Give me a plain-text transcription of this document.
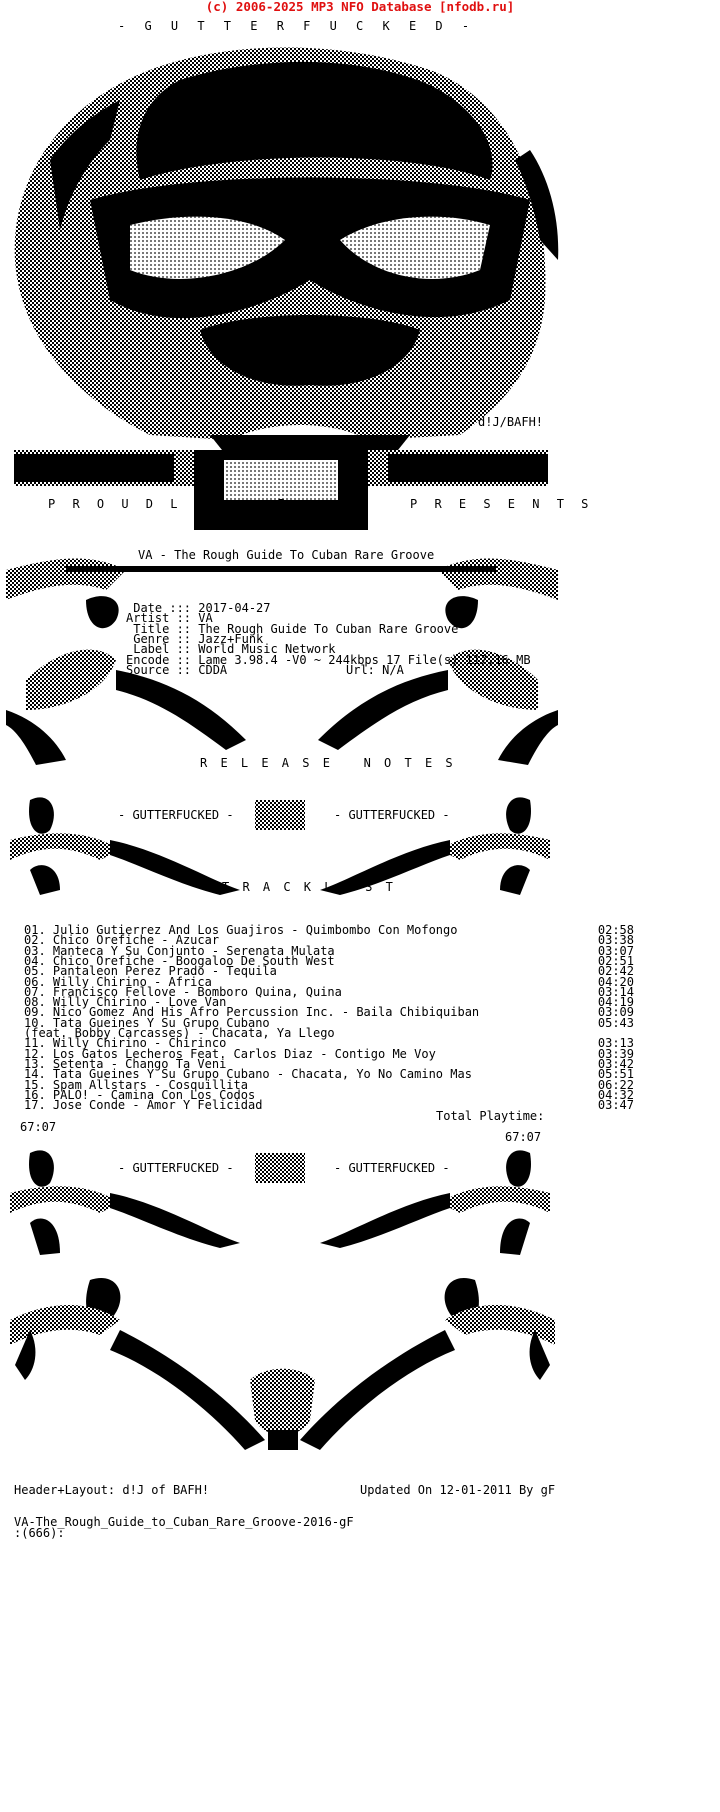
(c) 2006-2025 MP3 NFO Database [nfodb.ru]
- G U T T E R F U C K E D -
d!J/BAFH!
P R O U D L Y	gF	P R E S E N T S
VA - The Rough Guide To Cuban Rare Groove
Date ::: 2017-04-27
Artist :: VA
Title :: The Rough Guide To Cuban Rare Groove
Genre :: Jazz+Funk
Label :: World Music Network
Encode :: Lame 3.98.4 -V0 ~ 244kbps 17 File(s) 117,16 MB
Source :: CDDA	Url: N/A
R E L E A S E   N O T E S
- GUTTERFUCKED -	- GUTTERFUCKED -
T R A C K L I S T
01. Julio Gutierrez And Los Guajiros - Quimbombo Con Mofongo	02:58
02. Chico Orefiche - Azucar	03:38
03. Manteca Y Su Conjunto - Serenata Mulata	03:07
04. Chico Orefiche - Boogaloo De South West	02:51
05. Pantaleon Perez Prado - Tequila	02:42
06. Willy Chirino - Africa	04:20
07. Francisco Fellove - Bomboro Quina, Quina	03:14
08. Willy Chirino - Love Van	04:19
09. Nico Gomez And His Afro Percussion Inc. - Baila Chibiquiban	03:09
10. Tata Gueines Y Su Grupo Cubano	05:43
(feat. Bobby Carcasses) - Chacata, Ya Llego
11. Willy Chirino - Chirinco	03:13
12. Los Gatos Lecheros Feat. Carlos Diaz - Contigo Me Voy	03:39
13. Setenta - Chango Ta Veni	03:42
14. Tata Gueines Y Su Grupo Cubano - Chacata, Yo No Camino Mas	05:51
15. Spam Allstars - Cosquillita	06:22
16. PALO! - Camina Con Los Codos	04:32
17. Jose Conde - Amor Y Felicidad	03:47
Total Playtime:
67:07
67:07
- GUTTERFUCKED -	- GUTTERFUCKED -
Header+Layout: d!J of BAFH!	Updated On 12-01-2011 By gF
VA-The_Rough_Guide_to_Cuban_Rare_Groove-2016-gF
:(666):
